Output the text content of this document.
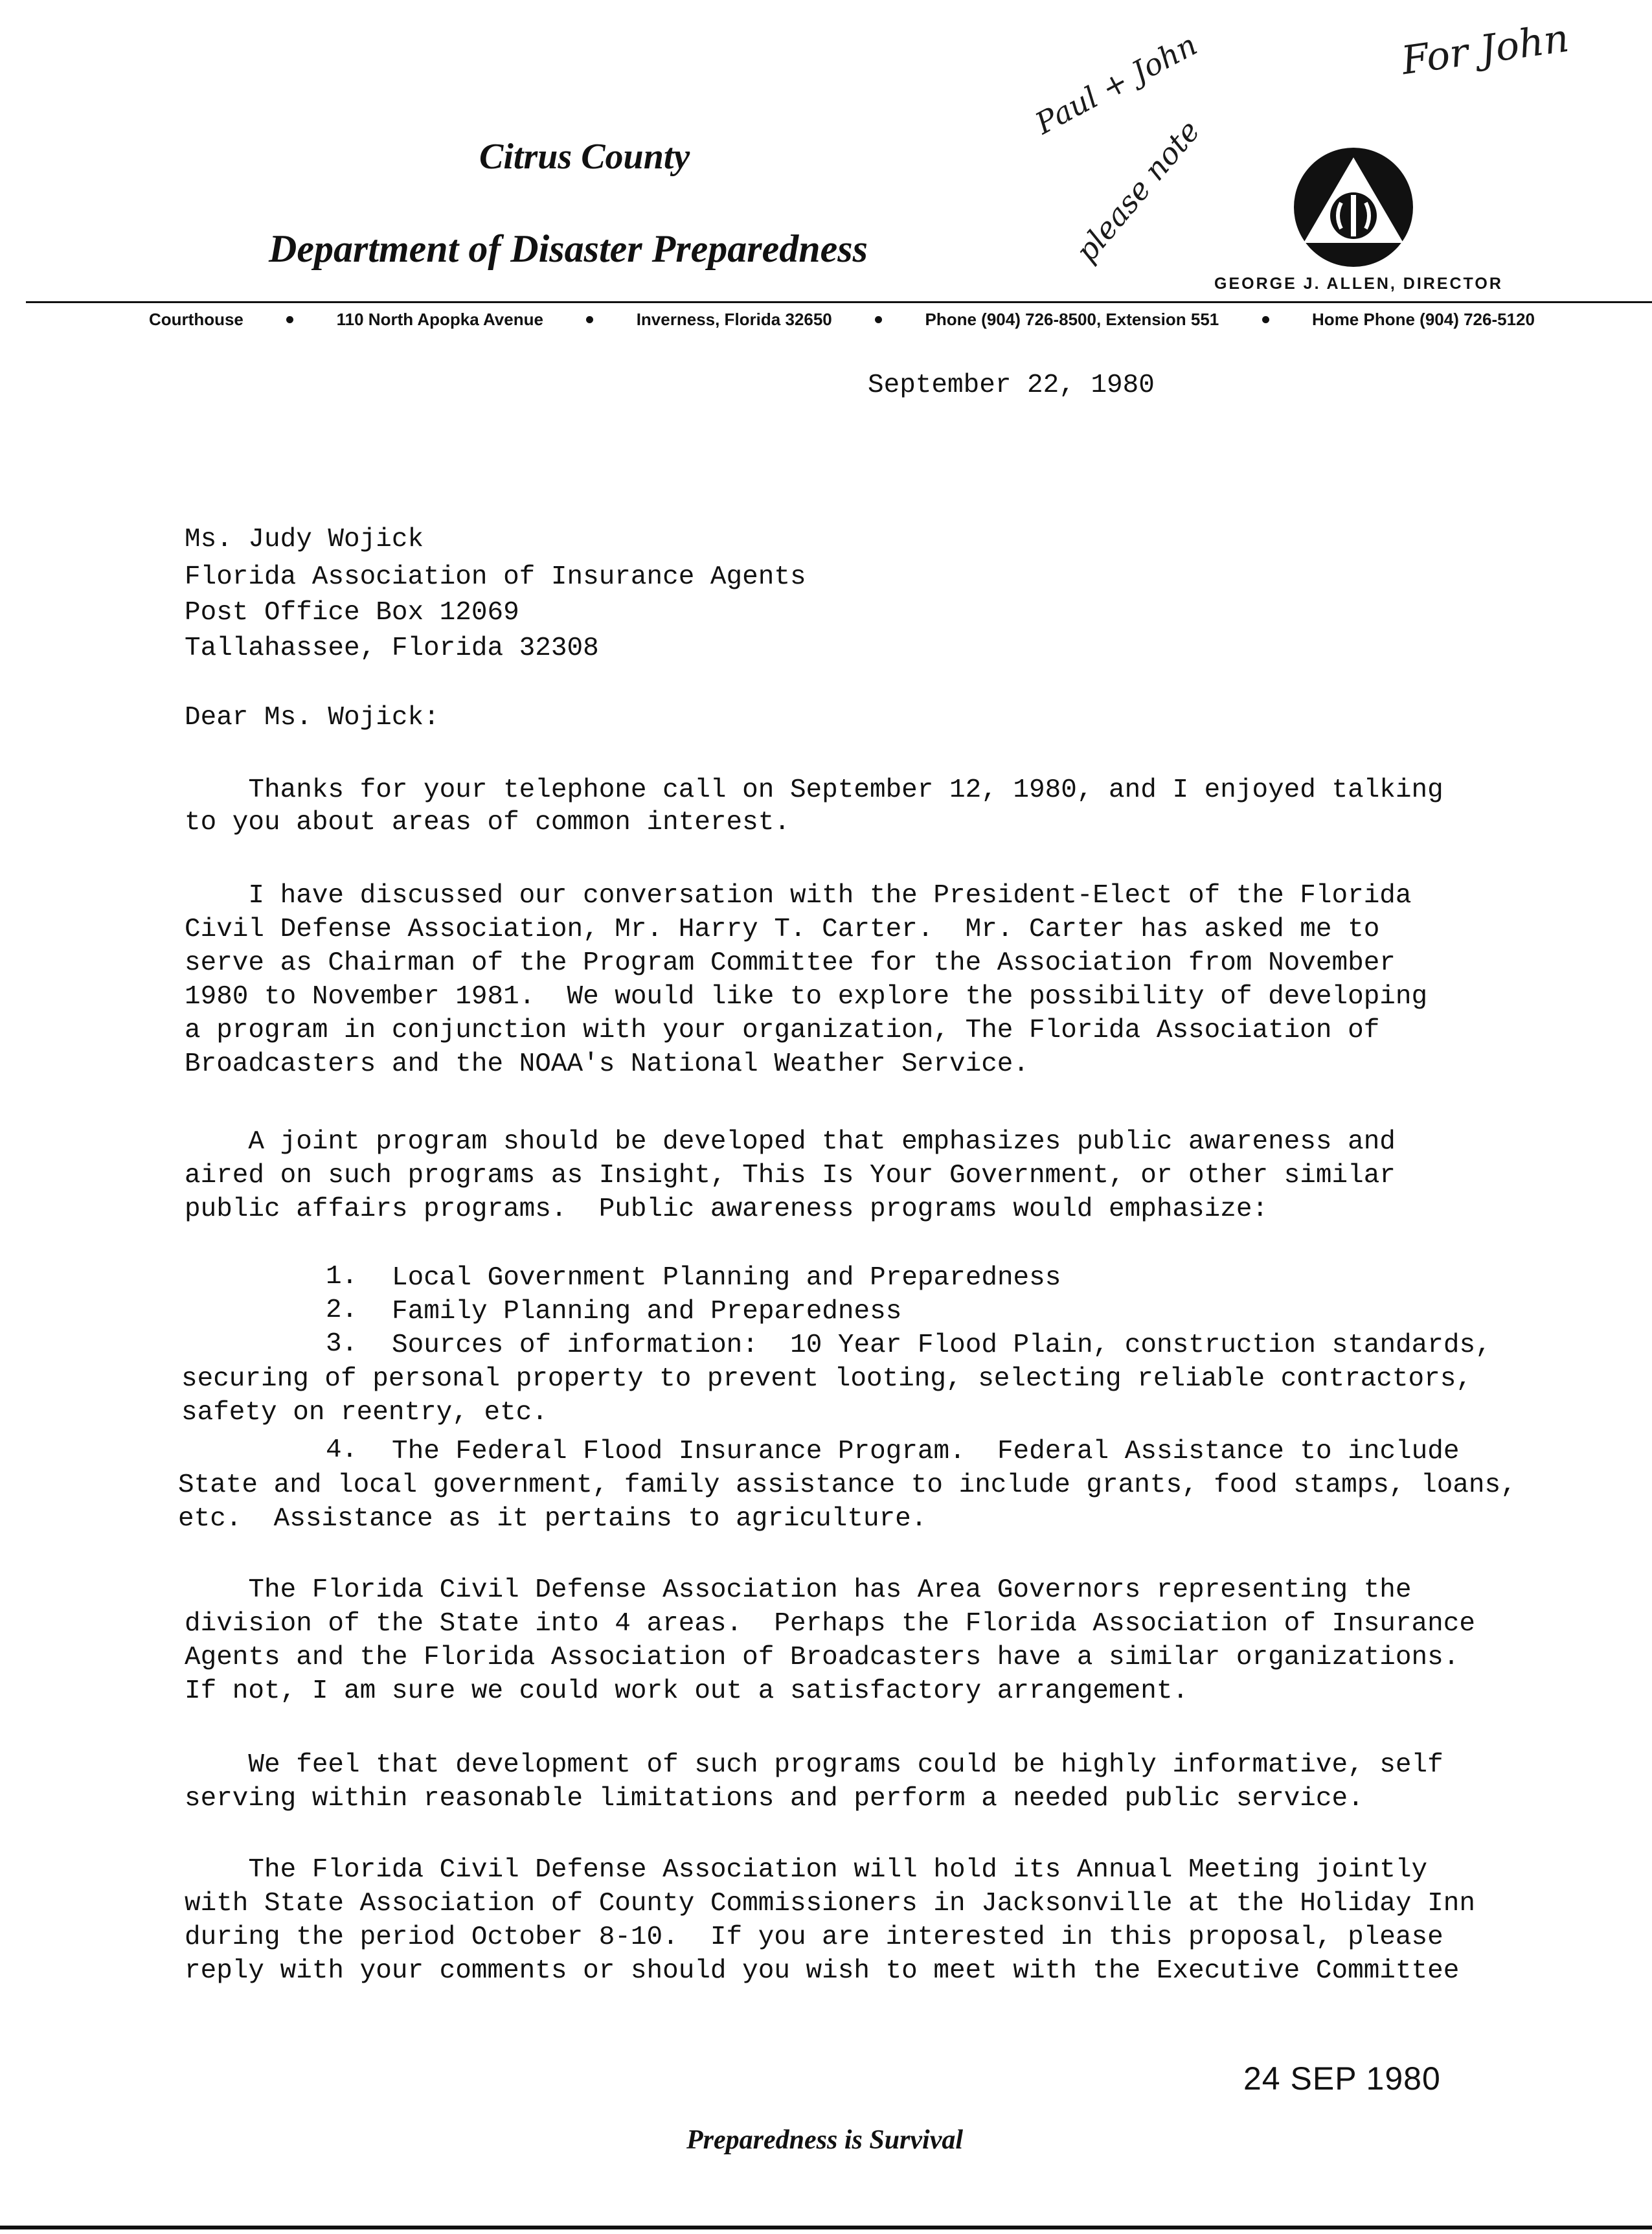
Citrus County
Department of Disaster Preparedness
GEORGE J. ALLEN, DIRECTOR
Courthouse	110 North Apopka Avenue	Inverness, Florida 32650	Phone (904) 726-8500, Extension 551	Home Phone (904) 726-5120
Paul + John
please note
For John
September 22, 1980
Ms. Judy Wojick
Florida Association of Insurance Agents
Post Office Box 12069
Tallahassee, Florida 32308
Dear Ms. Wojick:
Thanks for your telephone call on September 12, 1980, and I enjoyed talking
to you about areas of common interest.
I have discussed our conversation with the President-Elect of the Florida
Civil Defense Association, Mr. Harry T. Carter.  Mr. Carter has asked me to
serve as Chairman of the Program Committee for the Association from November
1980 to November 1981.  We would like to explore the possibility of developing
a program in conjunction with your organization, The Florida Association of
Broadcasters and the NOAA's National Weather Service.
A joint program should be developed that emphasizes public awareness and
aired on such programs as Insight, This Is Your Government, or other similar
public affairs programs.  Public awareness programs would emphasize:
1. Local Government Planning and Preparedness
2. Family Planning and Preparedness
3. Sources of information:  10 Year Flood Plain, construction standards,
securing of personal property to prevent looting, selecting reliable contractors,
safety on reentry, etc.
4. The Federal Flood Insurance Program.  Federal Assistance to include
State and local government, family assistance to include grants, food stamps, loans,
etc.  Assistance as it pertains to agriculture.
The Florida Civil Defense Association has Area Governors representing the
division of the State into 4 areas.  Perhaps the Florida Association of Insurance
Agents and the Florida Association of Broadcasters have a similar organizations.
If not, I am sure we could work out a satisfactory arrangement.
We feel that development of such programs could be highly informative, self
serving within reasonable limitations and perform a needed public service.
The Florida Civil Defense Association will hold its Annual Meeting jointly
with State Association of County Commissioners in Jacksonville at the Holiday Inn
during the period October 8-10.  If you are interested in this proposal, please
reply with your comments or should you wish to meet with the Executive Committee
24 SEP 1980
Preparedness is Survival
